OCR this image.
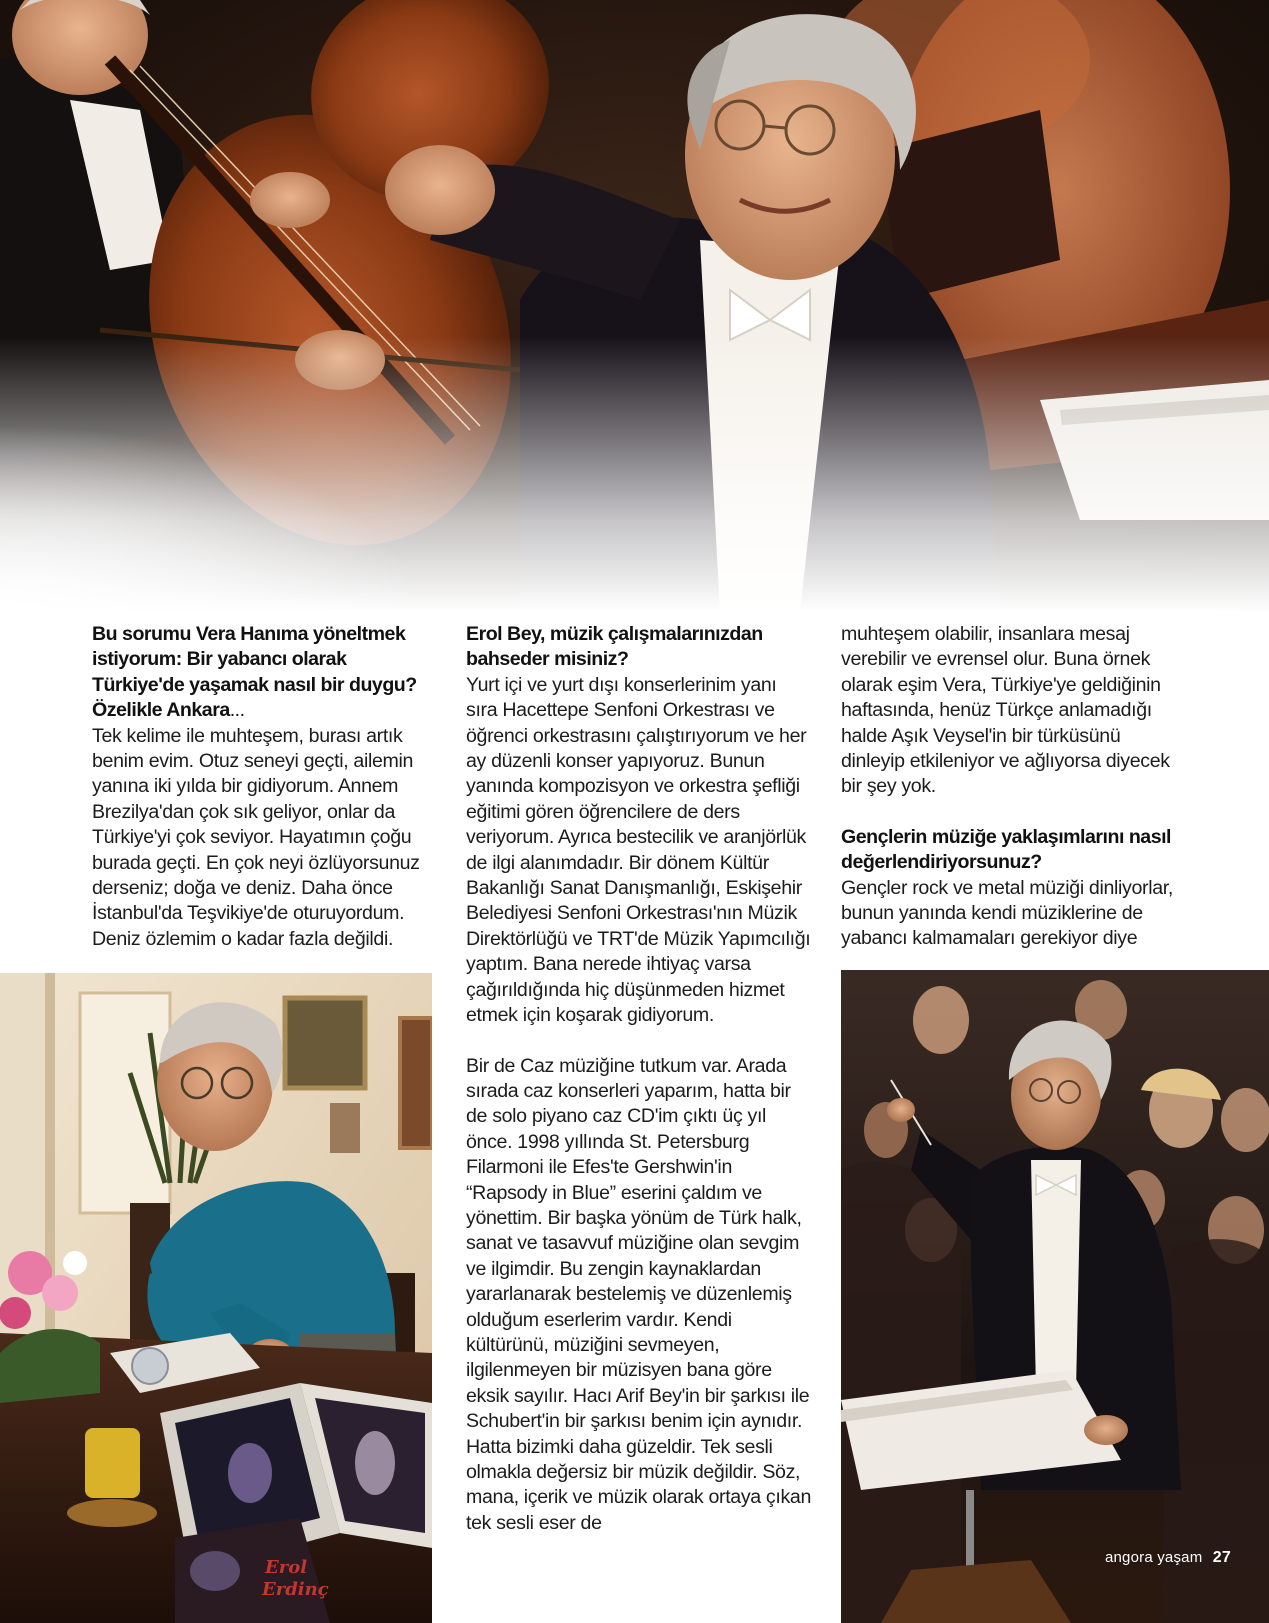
Bu sorumu Vera Hanıma yöneltmek istiyorum: Bir yabancı olarak Türkiye'de yaşamak nasıl bir duygu? Özelikle Ankara...

Tek kelime ile muhteşem, burası artık benim evim. Otuz seneyi geçti, ailemin yanına iki yılda bir gidiyorum. Annem Brezilya'dan çok sık geliyor, onlar da Türkiye'yi çok seviyor. Hayatımın çoğu burada geçti. En çok neyi özlüyorsunuz derseniz; doğa ve deniz. Daha önce İstanbul'da Teşvikiye'de oturuyordum. Deniz özlemim o kadar fazla değildi.

Erol Bey, müzik çalışmalarınızdan bahseder misiniz?

Yurt içi ve yurt dışı konserlerinim yanı sıra Hacettepe Senfoni Orkestrası ve öğrenci orkestrasını çalıştırıyorum ve her ay düzenli konser yapıyoruz. Bunun yanında kompozisyon ve orkestra şefliği eğitimi gören öğrencilere de ders veriyorum. Ayrıca bestecilik ve aranjörlük de ilgi alanımdadır. Bir dönem Kültür Bakanlığı Sanat Danışmanlığı, Eskişehir Belediyesi Senfoni Orkestrası'nın Müzik Direktörlüğü ve TRT'de Müzik Yapımcılığı yaptım. Bana nerede ihtiyaç varsa çağırıldığında hiç düşünmeden hizmet etmek için koşarak gidiyorum.

Bir de Caz müziğine tutkum var. Arada sırada caz konserleri yaparım, hatta bir de solo piyano caz CD'im çıktı üç yıl önce. 1998 yıllında St. Petersburg Filarmoni ile Efes'te Gershwin'in “Rapsody in Blue” eserini çaldım ve yönettim. Bir başka yönüm de Türk halk, sanat ve tasavvuf müziğine olan sevgim ve ilgimdir. Bu zengin kaynaklardan yararlanarak bestelemiş ve düzenlemiş olduğum eserlerim vardır. Kendi kültürünü, müziğini sevmeyen, ilgilenmeyen bir müzisyen bana göre eksik sayılır. Hacı Arif Bey'in bir şarkısı ile Schubert'in bir şarkısı benim için aynıdır. Hatta bizimki daha güzeldir. Tek sesli olmakla değersiz bir müzik değildir. Söz, mana, içerik ve müzik olarak ortaya çıkan tek sesli eser de

muhteşem olabilir, insanlara mesaj verebilir ve evrensel olur. Buna örnek olarak eşim Vera, Türkiye'ye geldiğinin haftasında, henüz Türkçe anlamadığı halde Aşık Veysel'in bir türküsünü dinleyip etkileniyor ve ağlıyorsa diyecek bir şey yok.

Gençlerin müziğe yaklaşımlarını nasıl değerlendiriyorsunuz?

Gençler rock ve metal müziği dinliyorlar, bunun yanında kendi müziklerine de yabancı kalmamaları gerekiyor diye

Erol
Erdinç
angora yaşam 27
